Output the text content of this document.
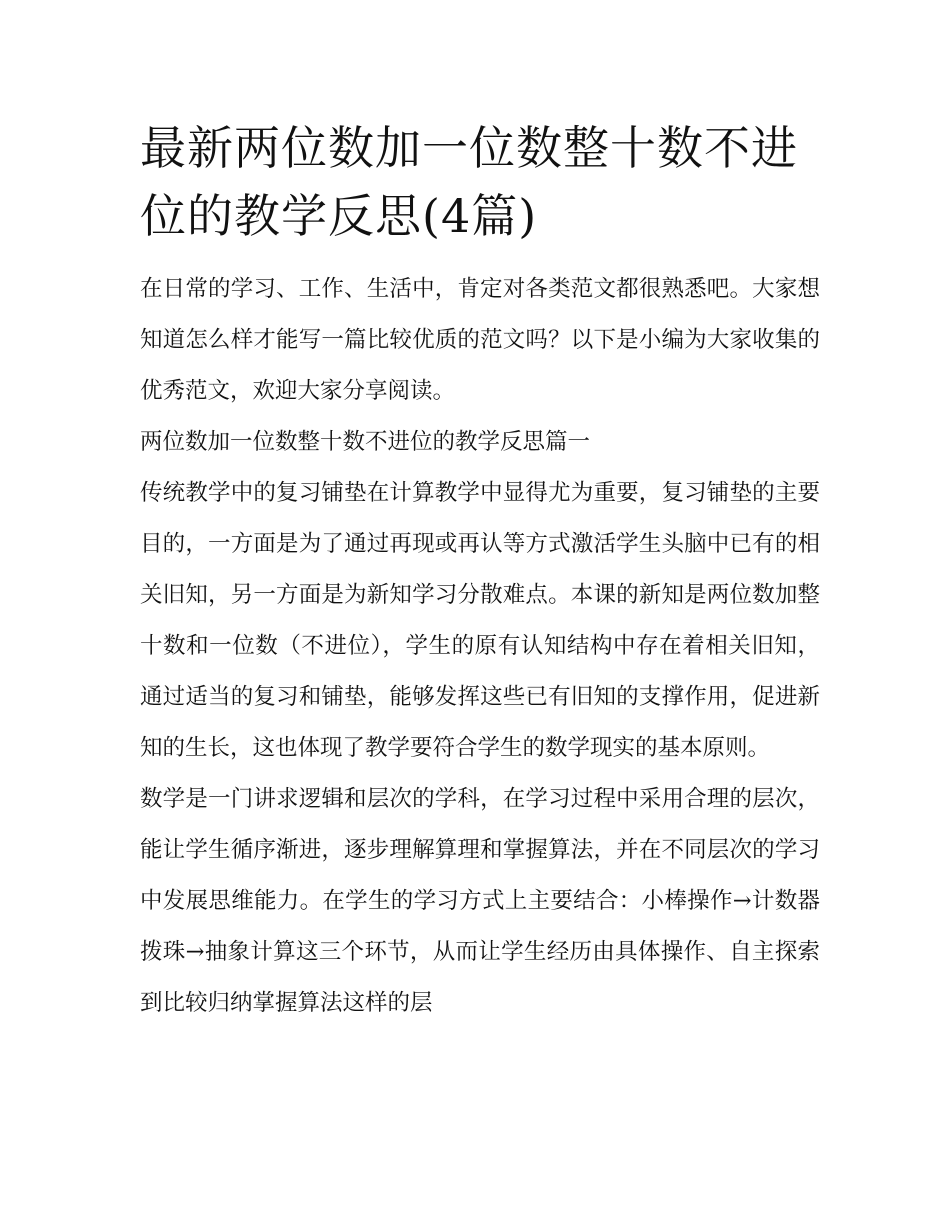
最新两位数加一位数整十数不进位的教学反思(4篇)

在日常的学习、工作、生活中，肯定对各类范文都很熟悉吧。大家想知道怎么样才能写一篇比较优质的范文吗？以下是小编为大家收集的优秀范文，欢迎大家分享阅读。

两位数加一位数整十数不进位的教学反思篇一

传统教学中的复习铺垫在计算教学中显得尤为重要，复习铺垫的主要目的，一方面是为了通过再现或再认等方式激活学生头脑中已有的相关旧知，另一方面是为新知学习分散难点。本课的新知是两位数加整十数和一位数（不进位），学生的原有认知结构中存在着相关旧知，通过适当的复习和铺垫，能够发挥这些已有旧知的支撑作用，促进新知的生长，这也体现了教学要符合学生的数学现实的基本原则。

数学是一门讲求逻辑和层次的学科，在学习过程中采用合理的层次，能让学生循序渐进，逐步理解算理和掌握算法，并在不同层次的学习中发展思维能力。在学生的学习方式上主要结合：小棒操作→计数器拨珠→抽象计算这三个环节，从而让学生经历由具体操作、自主探索到比较归纳掌握算法这样的层
